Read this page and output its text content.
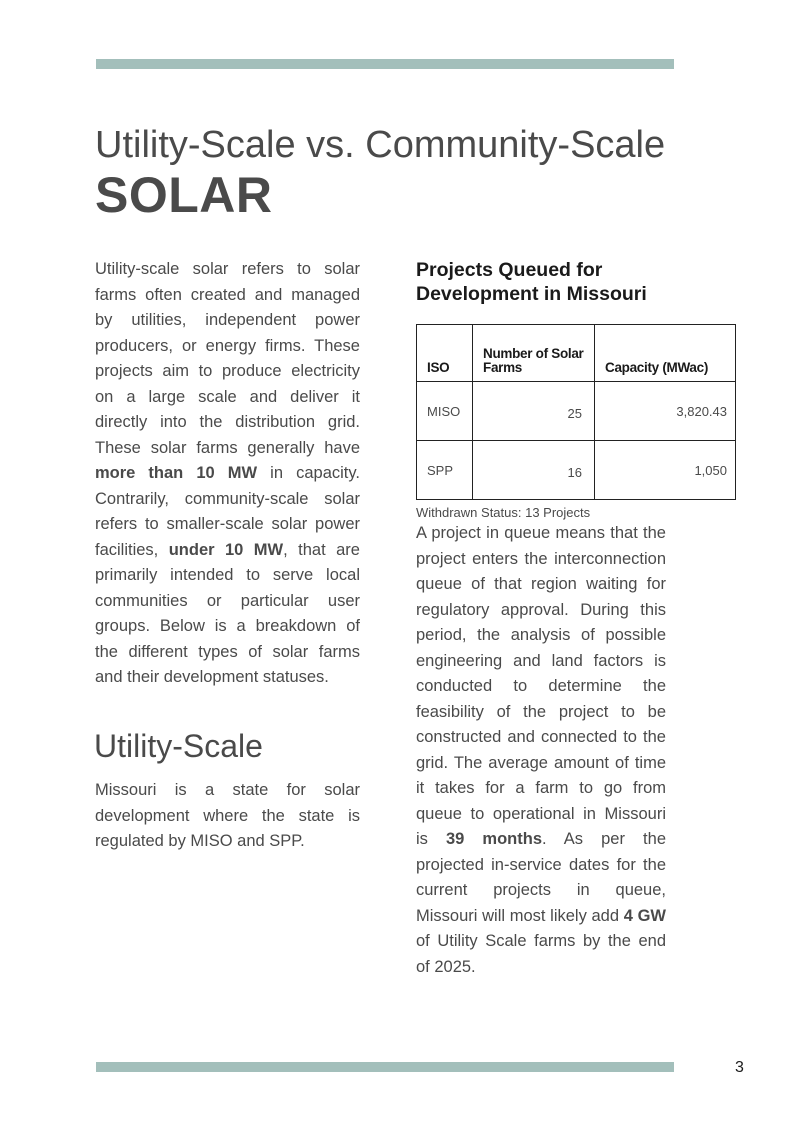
Utility-Scale vs. Community-Scale
SOLAR

Utility-scale solar refers to solar farms often created and managed by utilities, independent power producers, or energy firms. These projects aim to produce electricity on a large scale and deliver it directly into the distribution grid. These solar farms generally have more than 10 MW in capacity. Contrarily, community-scale solar refers to smaller-scale solar power facilities, under 10 MW, that are primarily intended to serve local communities or particular user groups. Below is a breakdown of the different types of solar farms and their development statuses.

Utility-Scale

Missouri is a state for solar development where the state is regulated by MISO and SPP.

Projects Queued for Development in Missouri
ISO	Number of Solar Farms	Capacity (MWac)
MISO	25	3,820.43
SPP	16	1,050
Withdrawn Status: 13 Projects

A project in queue means that the project enters the interconnection queue of that region waiting for regulatory approval. During this period, the analysis of possible engineering and land factors is conducted to determine the feasibility of the project to be constructed and connected to the grid. The average amount of time it takes for a farm to go from queue to operational in Missouri is 39 months. As per the projected in-service dates for the current projects in queue, Missouri will most likely add 4 GW of Utility Scale farms by the end of 2025.

3
